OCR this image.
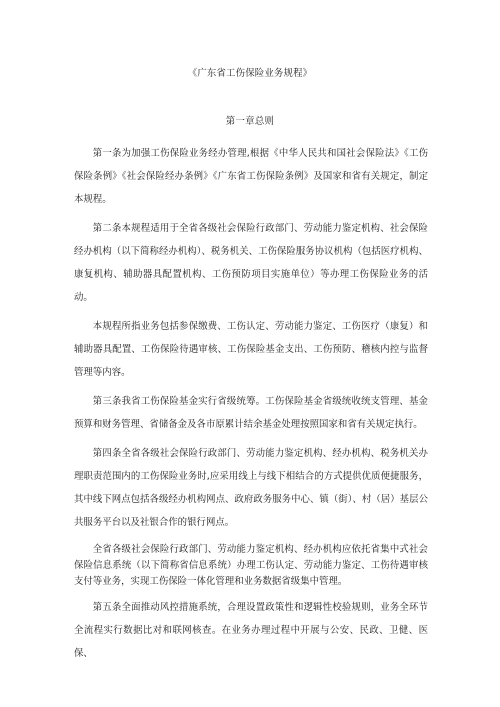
《广东省工伤保险业务规程》
第一章总则

第一条为加强工伤保险业务经办管理,根据《中华人民共和国社会保险法》《工伤保险条例》《社会保险经办条例》《广东省工伤保险条例》及国家和省有关规定，制定本规程。

第二条本规程适用于全省各级社会保险行政部门、劳动能力鉴定机构、社会保险经办机构（以下简称经办机构）、税务机关、工伤保险服务协议机构（包括医疗机构、康复机构、辅助器具配置机构、工伤预防项目实施单位）等办理工伤保险业务的活动。

本规程所指业务包括参保缴费、工伤认定、劳动能力鉴定、工伤医疗（康复）和辅助器具配置、工伤保险待遇审核、工伤保险基金支出、工伤预防、稽核内控与监督管理等内容。

第三条我省工伤保险基金实行省级统筹。工伤保险基金省级统收统支管理、基金预算和财务管理、省储备金及各市原累计结余基金处理按照国家和省有关规定执行。

第四条全省各级社会保险行政部门、劳动能力鉴定机构、经办机构、税务机关办理职责范围内的工伤保险业务时,应采用线上与线下相结合的方式提供优质便捷服务，其中线下网点包括各级经办机构网点、政府政务服务中心、镇（街）、村（居）基层公共服务平台以及社银合作的银行网点。

全省各级社会保险行政部门、劳动能力鉴定机构、经办机构应依托省集中式社会保险信息系统（以下简称省信息系统）办理工伤认定、劳动能力鉴定、工伤待遇审核支付等业务，实现工伤保险一体化管理和业务数据省级集中管理。

第五条全面推动风控措施系统，合理设置政策性和逻辑性校验规则，业务全环节全流程实行数据比对和联网核查。在业务办理过程中开展与公安、民政、卫健、医保、
